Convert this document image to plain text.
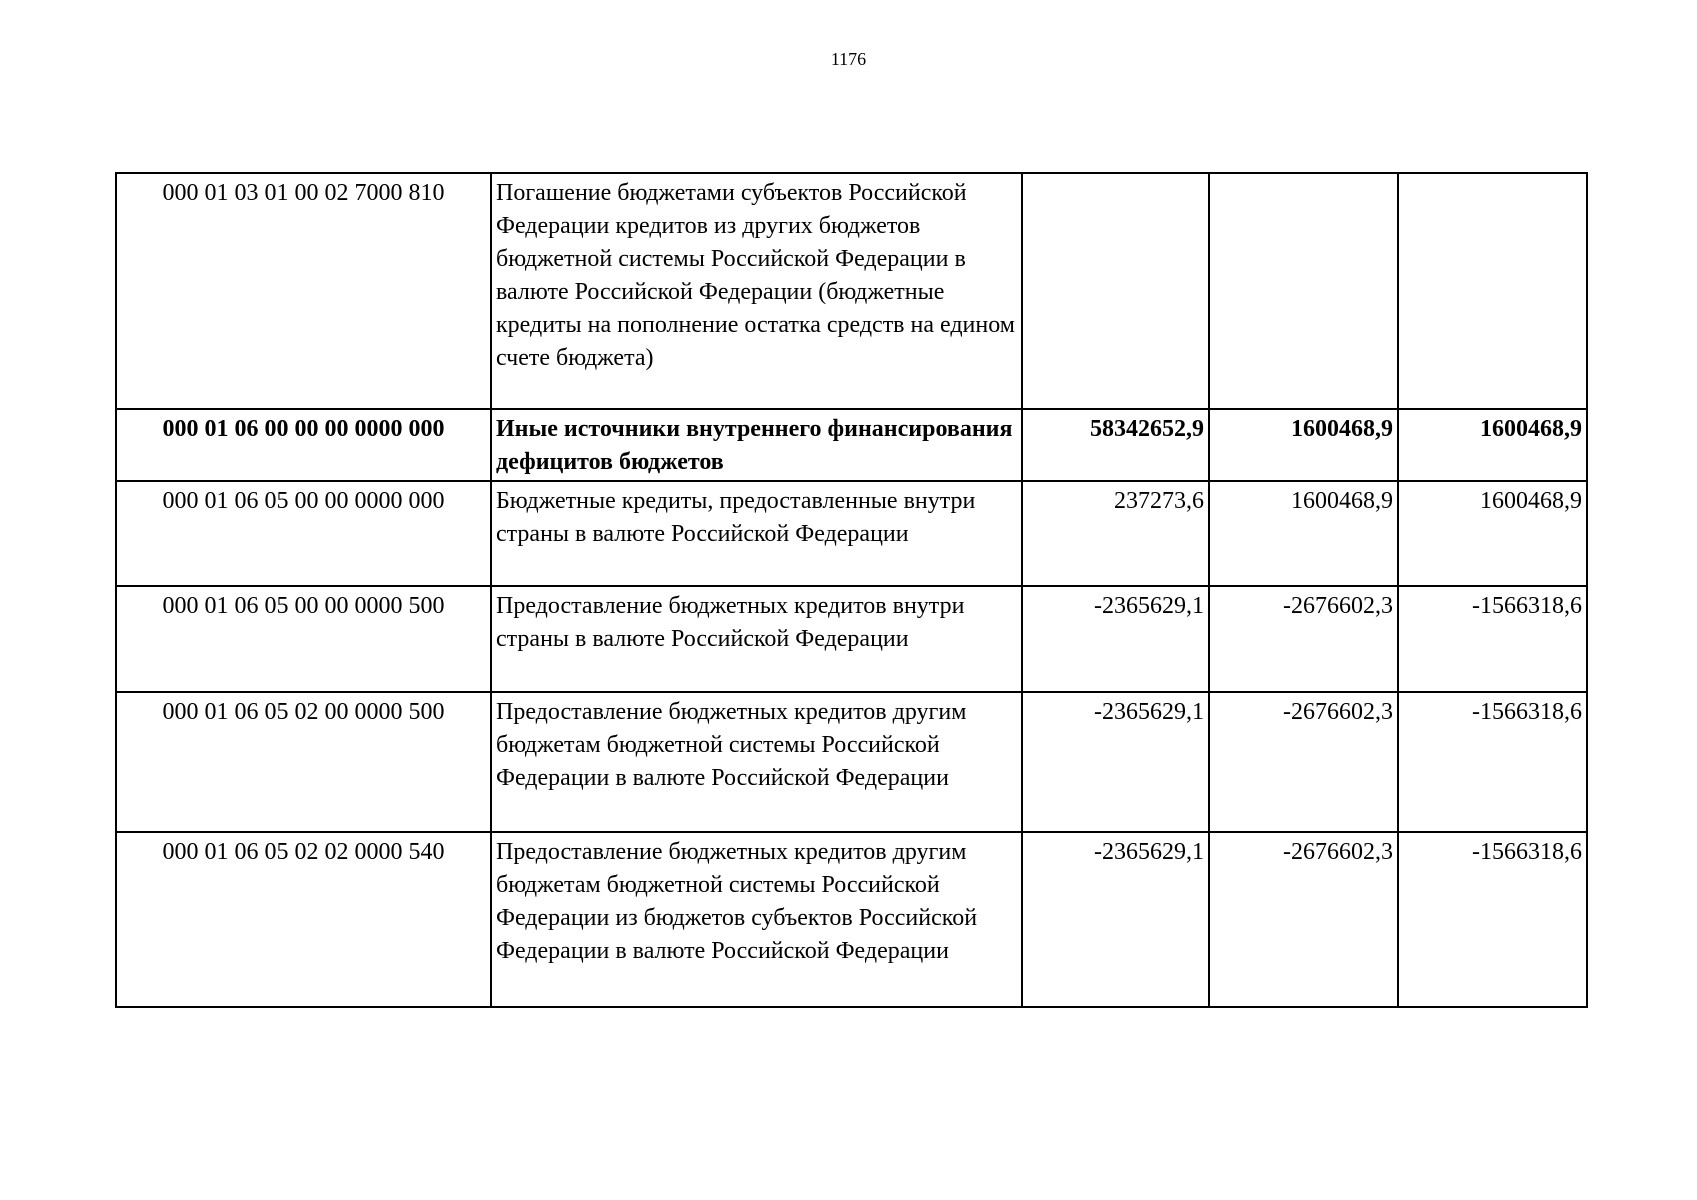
1176
000 01 03 01 00 02 7000 810	Погашение бюджетами субъектов Российской Федерации кредитов из других бюджетов бюджетной системы Российской Федерации в валюте Российской Федерации (бюджетные кредиты на пополнение остатка средств на едином счете бюджета)			
000 01 06 00 00 00 0000 000	Иные источники внутреннего финансирования дефицитов бюджетов	58342652,9	1600468,9	1600468,9
000 01 06 05 00 00 0000 000	Бюджетные кредиты, предоставленные внутри страны в валюте Российской Федерации	237273,6	1600468,9	1600468,9
000 01 06 05 00 00 0000 500	Предоставление бюджетных кредитов внутри страны в валюте Российской Федерации	-2365629,1	-2676602,3	-1566318,6
000 01 06 05 02 00 0000 500	Предоставление бюджетных кредитов другим бюджетам бюджетной системы Российской Федерации в валюте Российской Федерации	-2365629,1	-2676602,3	-1566318,6
000 01 06 05 02 02 0000 540	Предоставление бюджетных кредитов другим бюджетам бюджетной системы Российской Федерации из бюджетов субъектов Российской Федерации в валюте Российской Федерации	-2365629,1	-2676602,3	-1566318,6
